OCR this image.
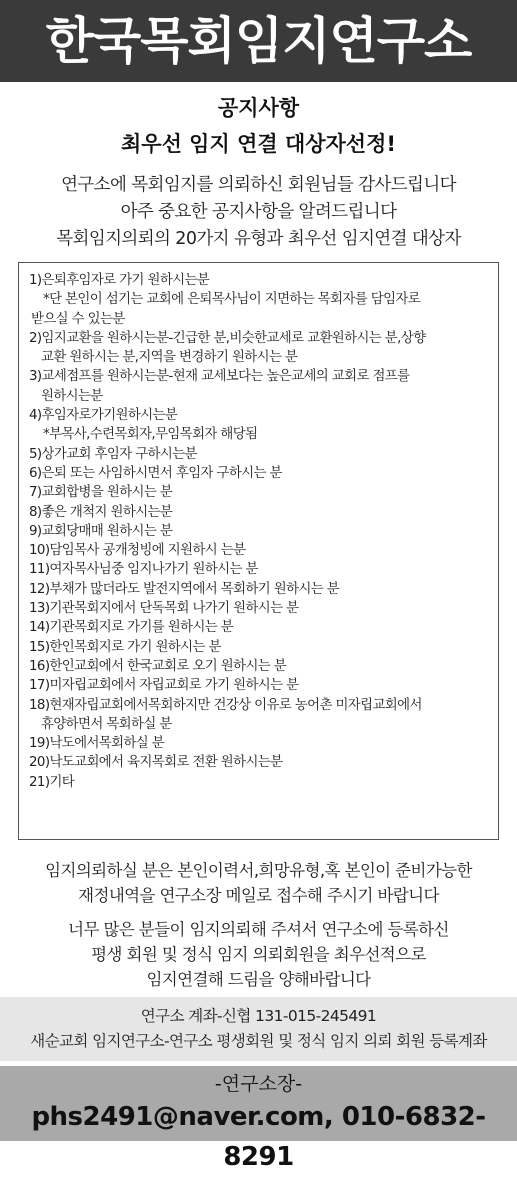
한국목회임지연구소
공지사항
최우선 임지 연결 대상자선정!
연구소에 목회임지를 의뢰하신 회원님들 감사드립니다
아주 중요한 공지사항을 알려드립니다
목회임지의뢰의 20가지 유형과 최우선 임지연결 대상자
1)은퇴후임자로 가기 원하시는분
*단 본인이 섬기는 교회에 은퇴목사님이 지면하는 목회자를 담임자로
받으실 수 있는분
2)임지교환을 원하시는분-긴급한 분,비슷한교세로 교환원하시는 분,상향
교환 원하시는 분,지역을 변경하기 원하시는 분
3)교세점프를 원하시는분-현재 교세보다는 높은교세의 교회로 점프를
원하시는분
4)후임자로가기원하시는분
*부목사,수련목회자,무임목회자 해당됨
5)상가교회 후임자 구하시는분
6)은퇴 또는 사임하시면서 후임자 구하시는 분
7)교회합병을 원하시는 분
8)좋은 개척지 원하시는분
9)교회당매매 원하시는 분
10)담임목사 공개청빙에 지원하시 는분
11)여자목사님중 임지나가기 원하시는 분
12)부채가 많더라도 발전지역에서 목회하기 원하시는 분
13)기관목회지에서 단독목회 나가기 원하시는 분
14)기관목회지로 가기를 원하시는 분
15)한인목회지로 가기 원하시는 분
16)한인교회에서 한국교회로 오기 원하시는 분
17)미자립교회에서 자립교회로 가기 원하시는 분
18)현재자립교회에서목회하지만 건강상 이유로 농어촌 미자립교회에서
휴양하면서 목회하실 분
19)낙도에서목회하실 분
20)낙도교회에서 육지목회로 전환 원하시는분
21)기타
임지의뢰하실 분은 본인이력서,희망유형,혹 본인이 준비가능한
재정내역을 연구소장 메일로 접수해 주시기 바랍니다
너무 많은 분들이 임지의뢰해 주셔서 연구소에 등록하신
평생 회원 및 정식 임지 의뢰회원을 최우선적으로
임지연결해 드림을 양해바랍니다
연구소 계좌-신협 131-015-245491
새순교회 임지연구소-연구소 평생회원 및 정식 임지 의뢰 회원 등록계좌
-연구소장-
phs2491@naver.com, 010-6832-8291
